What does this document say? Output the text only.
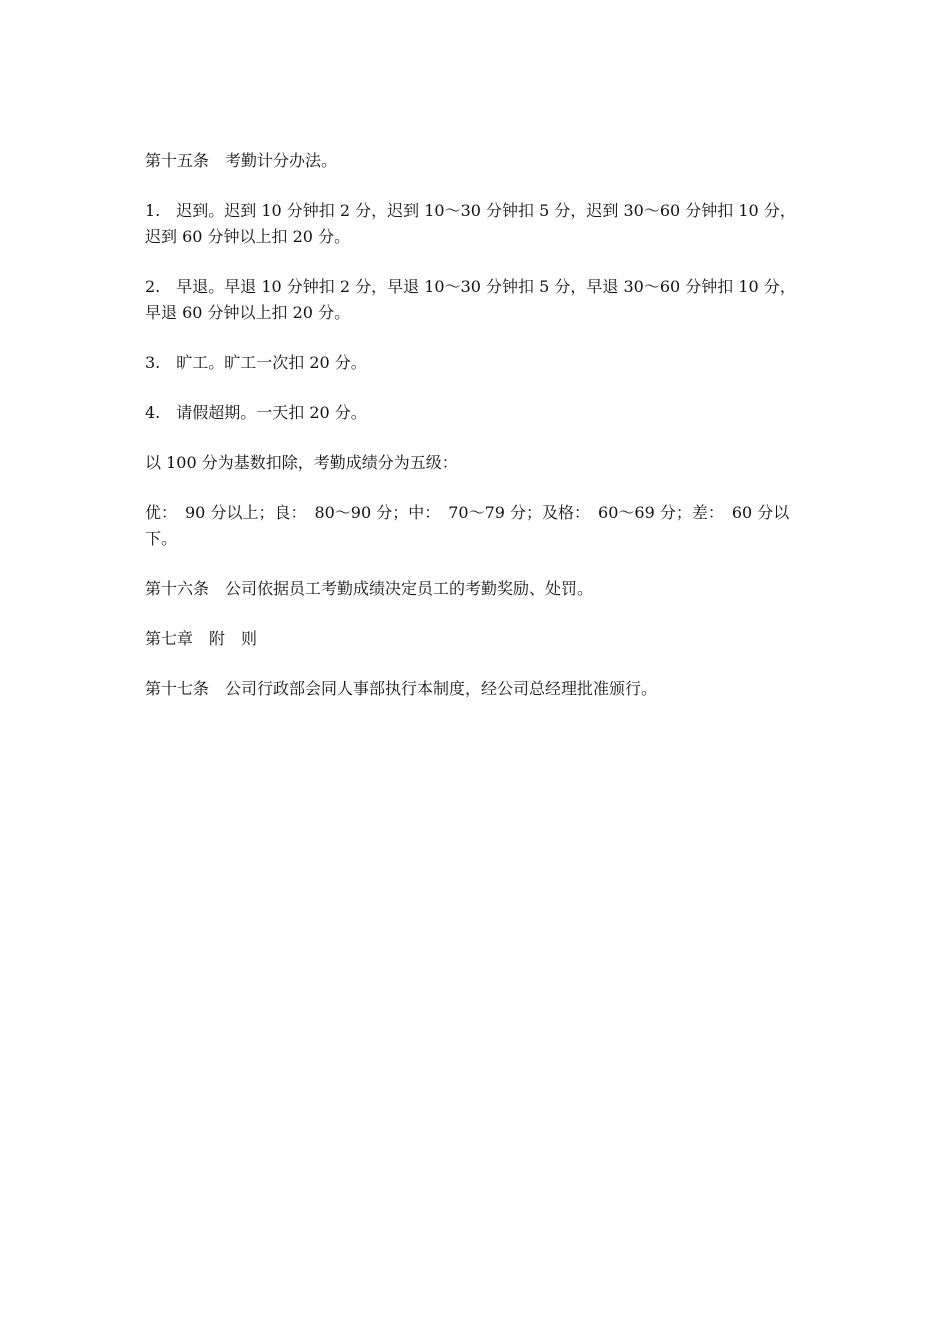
第十五条　考勤计分办法。

1.　迟到。迟到 10 分钟扣 2 分，迟到 10～30 分钟扣 5 分，迟到 30～60 分钟扣 10 分，迟到 60 分钟以上扣 20 分。

2.　早退。早退 10 分钟扣 2 分，早退 10～30 分钟扣 5 分，早退 30～60 分钟扣 10 分，早退 60 分钟以上扣 20 分。

3.　旷工。旷工一次扣 20 分。

4.　请假超期。一天扣 20 分。

以 100 分为基数扣除，考勤成绩分为五级：

优：　90 分以上；良：　80～90 分；中：　70～79 分；及格：　60～69 分；差：　60 分以下。

第十六条　公司依据员工考勤成绩决定员工的考勤奖励、处罚。

第七章　附　则

第十七条　公司行政部会同人事部执行本制度，经公司总经理批准颁行。
